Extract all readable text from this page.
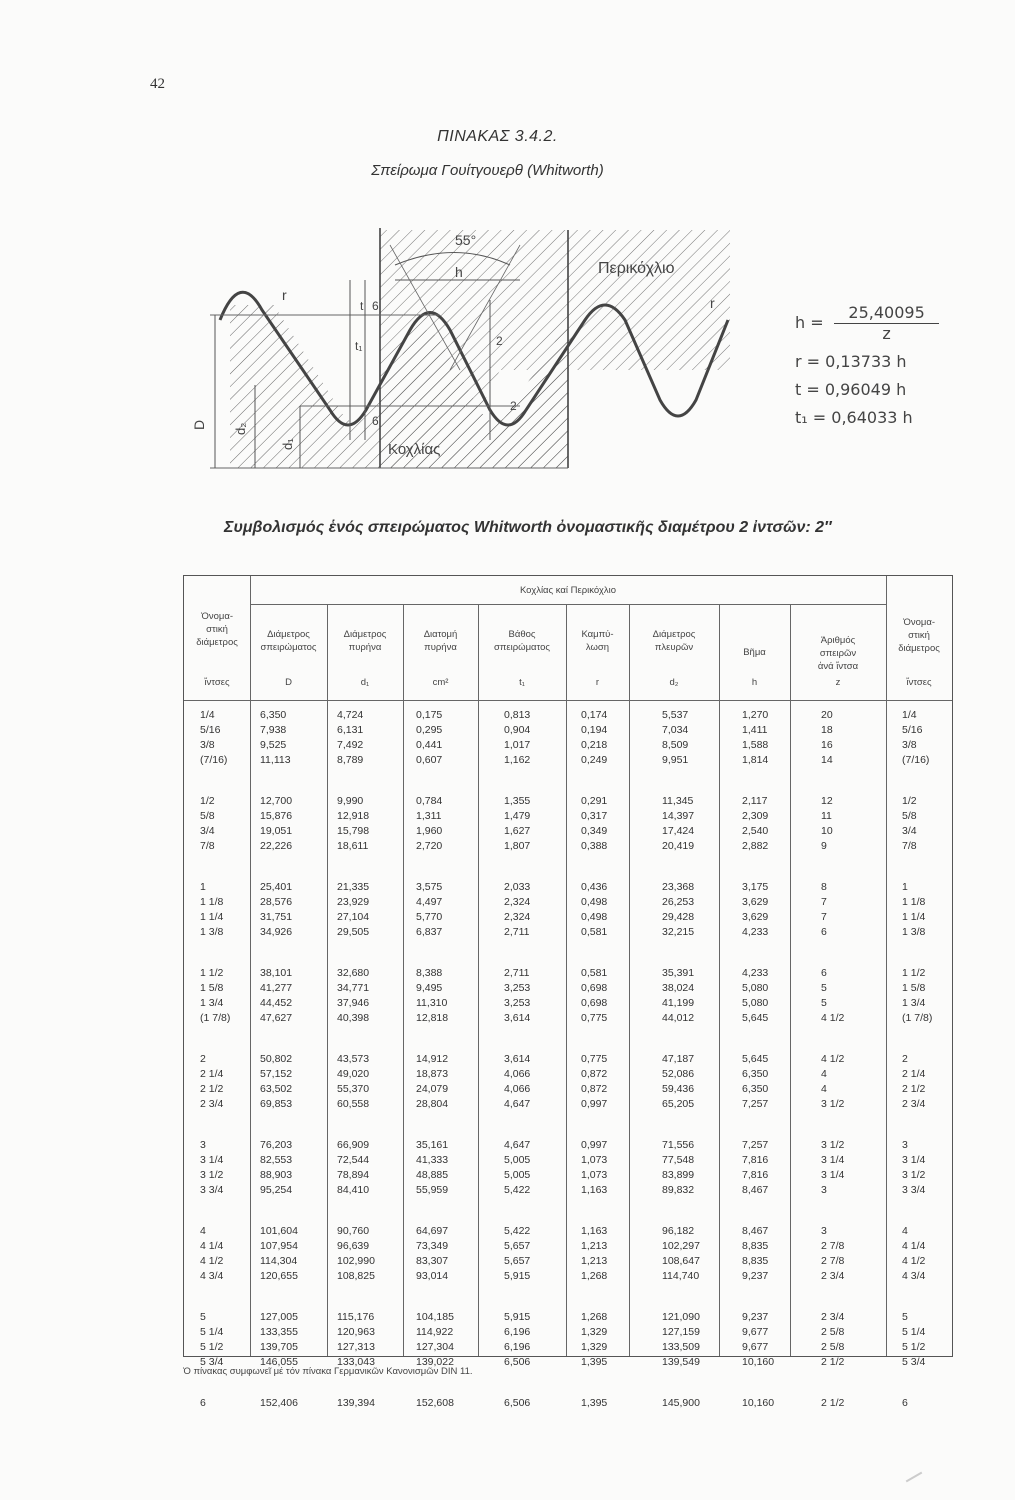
42
ΠΙΝΑΚΑΣ 3.4.2.
Σπείρωμα Γουίτγουερθ (Whitworth)
55°
Περικόχλιο
Κοχλίας
h
r	r
t
t₁
6
6
2
2
D d₂
d₁
$h = \frac{25,40095}{z}$
r = 0,13733 h
t = 0,96049 h
t₁ = 0,64033 h
Συμβολισμός ἑνός σπειρώματος Whitworth ὀνομαστικῆς διαμέτρου 2 ἰντσῶν: 2″
Κοχλίας καί Περικόχλιο
Ὀνομα-
στική
διάμετρος
ἴντσες
Διάμετρος
σπειρώματος
D
Διάμετρος
πυρήνα
d₁
Διατομή
πυρήνα
cm²
Βάθος
σπειρώματος
t₁
Καμπύ-
λωση
r
Διάμετρος
πλευρῶν
d₂
Βῆμα
h
Ἀριθμός
σπειρῶν
ἀνά ἴντσα
z
Ὀνομα-
στική
διάμετρος
ἴντσες
1/4
5/16
3/8
(7/16)
1/2
5/8
3/4
7/8
1
1 1/8
1 1/4
1 3/8
1 1/2
1 5/8
1 3/4
(1 7/8)
2
2 1/4
2 1/2
2 3/4
3
3 1/4
3 1/2
3 3/4
4
4 1/4
4 1/2
4 3/4
5
5 1/4
5 1/2
5 3/4
6
6,350
7,938
9,525
11,113
12,700
15,876
19,051
22,226
25,401
28,576
31,751
34,926
38,101
41,277
44,452
47,627
50,802
57,152
63,502
69,853
76,203
82,553
88,903
95,254
101,604
107,954
114,304
120,655
127,005
133,355
139,705
146,055
152,406
4,724
6,131
7,492
8,789
9,990
12,918
15,798
18,611
21,335
23,929
27,104
29,505
32,680
34,771
37,946
40,398
43,573
49,020
55,370
60,558
66,909
72,544
78,894
84,410
90,760
96,639
102,990
108,825
115,176
120,963
127,313
133,043
139,394
0,175
0,295
0,441
0,607
0,784
1,311
1,960
2,720
3,575
4,497
5,770
6,837
8,388
9,495
11,310
12,818
14,912
18,873
24,079
28,804
35,161
41,333
48,885
55,959
64,697
73,349
83,307
93,014
104,185
114,922
127,304
139,022
152,608
0,813
0,904
1,017
1,162
1,355
1,479
1,627
1,807
2,033
2,324
2,324
2,711
2,711
3,253
3,253
3,614
3,614
4,066
4,066
4,647
4,647
5,005
5,005
5,422
5,422
5,657
5,657
5,915
5,915
6,196
6,196
6,506
6,506
0,174
0,194
0,218
0,249
0,291
0,317
0,349
0,388
0,436
0,498
0,498
0,581
0,581
0,698
0,698
0,775
0,775
0,872
0,872
0,997
0,997
1,073
1,073
1,163
1,163
1,213
1,213
1,268
1,268
1,329
1,329
1,395
1,395
5,537
7,034
8,509
9,951
11,345
14,397
17,424
20,419
23,368
26,253
29,428
32,215
35,391
38,024
41,199
44,012
47,187
52,086
59,436
65,205
71,556
77,548
83,899
89,832
96,182
102,297
108,647
114,740
121,090
127,159
133,509
139,549
145,900
1,270
1,411
1,588
1,814
2,117
2,309
2,540
2,882
3,175
3,629
3,629
4,233
4,233
5,080
5,080
5,645
5,645
6,350
6,350
7,257
7,257
7,816
7,816
8,467
8,467
8,835
8,835
9,237
9,237
9,677
9,677
10,160
10,160
20
18
16
14
12
11
10
9
8
7
7
6
6
5
5
4 1/2
4 1/2
4
4
3 1/2
3 1/2
3 1/4
3 1/4
3
3
2 7/8
2 7/8
2 3/4
2 3/4
2 5/8
2 5/8
2 1/2
2 1/2
1/4
5/16
3/8
(7/16)
1/2
5/8
3/4
7/8
1
1 1/8
1 1/4
1 3/8
1 1/2
1 5/8
1 3/4
(1 7/8)
2
2 1/4
2 1/2
2 3/4
3
3 1/4
3 1/2
3 3/4
4
4 1/4
4 1/2
4 3/4
5
5 1/4
5 1/2
5 3/4
6
Ὁ πίνακας συμφωνεῖ μέ τόν πίνακα Γερμανικῶν Κανονισμῶν DIN 11.
